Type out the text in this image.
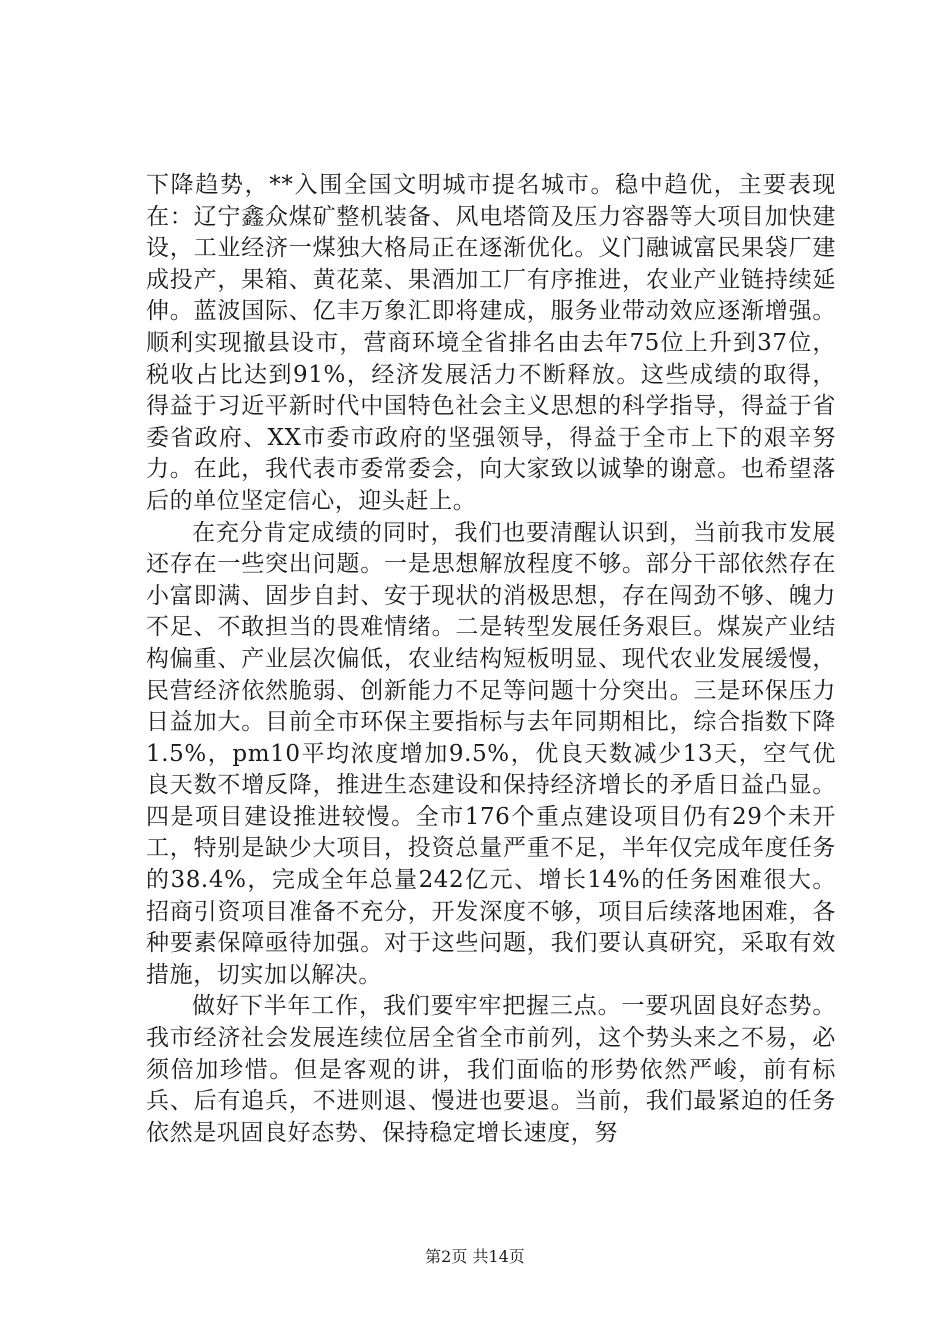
下降趋势，**入围全国文明城市提名城市。稳中趋优，主要表现在：辽宁鑫众煤矿整机装备、风电塔筒及压力容器等大项目加快建设，工业经济一煤独大格局正在逐渐优化。义门融诚富民果袋厂建成投产，果箱、黄花菜、果酒加工厂有序推进，农业产业链持续延伸。蓝波国际、亿丰万象汇即将建成，服务业带动效应逐渐增强。顺利实现撤县设市，营商环境全省排名由去年75位上升到37位，税收占比达到91%，经济发展活力不断释放。这些成绩的取得，得益于习近平新时代中国特色社会主义思想的科学指导，得益于省委省政府、XX市委市政府的坚强领导，得益于全市上下的艰辛努力。在此，我代表市委常委会，向大家致以诚挚的谢意。也希望落后的单位坚定信心，迎头赶上。

在充分肯定成绩的同时，我们也要清醒认识到，当前我市发展还存在一些突出问题。一是思想解放程度不够。部分干部依然存在小富即满、固步自封、安于现状的消极思想，存在闯劲不够、魄力不足、不敢担当的畏难情绪。二是转型发展任务艰巨。煤炭产业结构偏重、产业层次偏低，农业结构短板明显、现代农业发展缓慢，民营经济依然脆弱、创新能力不足等问题十分突出。三是环保压力日益加大。目前全市环保主要指标与去年同期相比，综合指数下降1.5%，pm10平均浓度增加9.5%，优良天数减少13天，空气优良天数不增反降，推进生态建设和保持经济增长的矛盾日益凸显。四是项目建设推进较慢。全市176个重点建设项目仍有29个未开工，特别是缺少大项目，投资总量严重不足，半年仅完成年度任务的38.4%，完成全年总量242亿元、增长14%的任务困难很大。招商引资项目准备不充分，开发深度不够，项目后续落地困难，各种要素保障亟待加强。对于这些问题，我们要认真研究，采取有效措施，切实加以解决。

做好下半年工作，我们要牢牢把握三点。一要巩固良好态势。我市经济社会发展连续位居全省全市前列，这个势头来之不易，必须倍加珍惜。但是客观的讲，我们面临的形势依然严峻，前有标兵、后有追兵，不进则退、慢进也要退。当前，我们最紧迫的任务依然是巩固良好态势、保持稳定增长速度，努

第2页 共14页
